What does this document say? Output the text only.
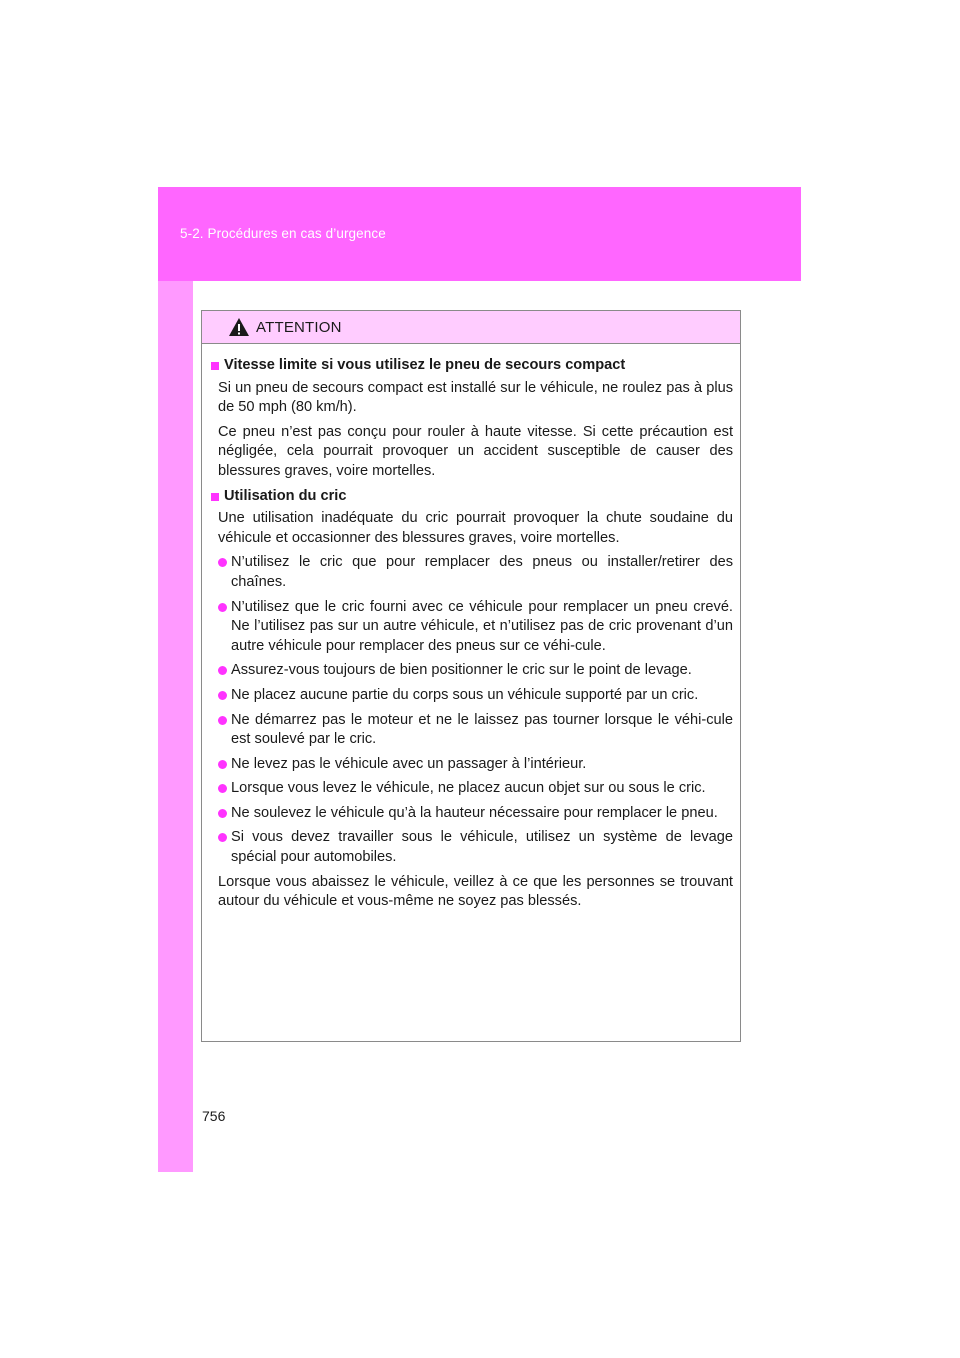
5-2. Procédures en cas d’urgence
ATTENTION
Vitesse limite si vous utilisez le pneu de secours compact
Si un pneu de secours compact est installé sur le véhicule, ne roulez pas à plus de 50 mph (80 km/h).
Ce pneu n’est pas conçu pour rouler à haute vitesse. Si cette précaution est négligée, cela pourrait provoquer un accident susceptible de causer des blessures graves, voire mortelles.
Utilisation du cric
Une utilisation inadéquate du cric pourrait provoquer la chute soudaine du véhicule et occasionner des blessures graves, voire mortelles.
N’utilisez le cric que pour remplacer des pneus ou installer/retirer des chaînes.
N’utilisez que le cric fourni avec ce véhicule pour remplacer un pneu crevé. Ne l’utilisez pas sur un autre véhicule, et n’utilisez pas de cric provenant d’un autre véhicule pour remplacer des pneus sur ce véhi-cule.
Assurez-vous toujours de bien positionner le cric sur le point de levage.
Ne placez aucune partie du corps sous un véhicule supporté par un cric.
Ne démarrez pas le moteur et ne le laissez pas tourner lorsque le véhi-cule est soulevé par le cric.
Ne levez pas le véhicule avec un passager à l’intérieur.
Lorsque vous levez le véhicule, ne placez aucun objet sur ou sous le cric.
Ne soulevez le véhicule qu’à la hauteur nécessaire pour remplacer le pneu.
Si vous devez travailler sous le véhicule, utilisez un système de levage spécial pour automobiles.
Lorsque vous abaissez le véhicule, veillez à ce que les personnes se trouvant autour du véhicule et vous-même ne soyez pas blessés.
756
